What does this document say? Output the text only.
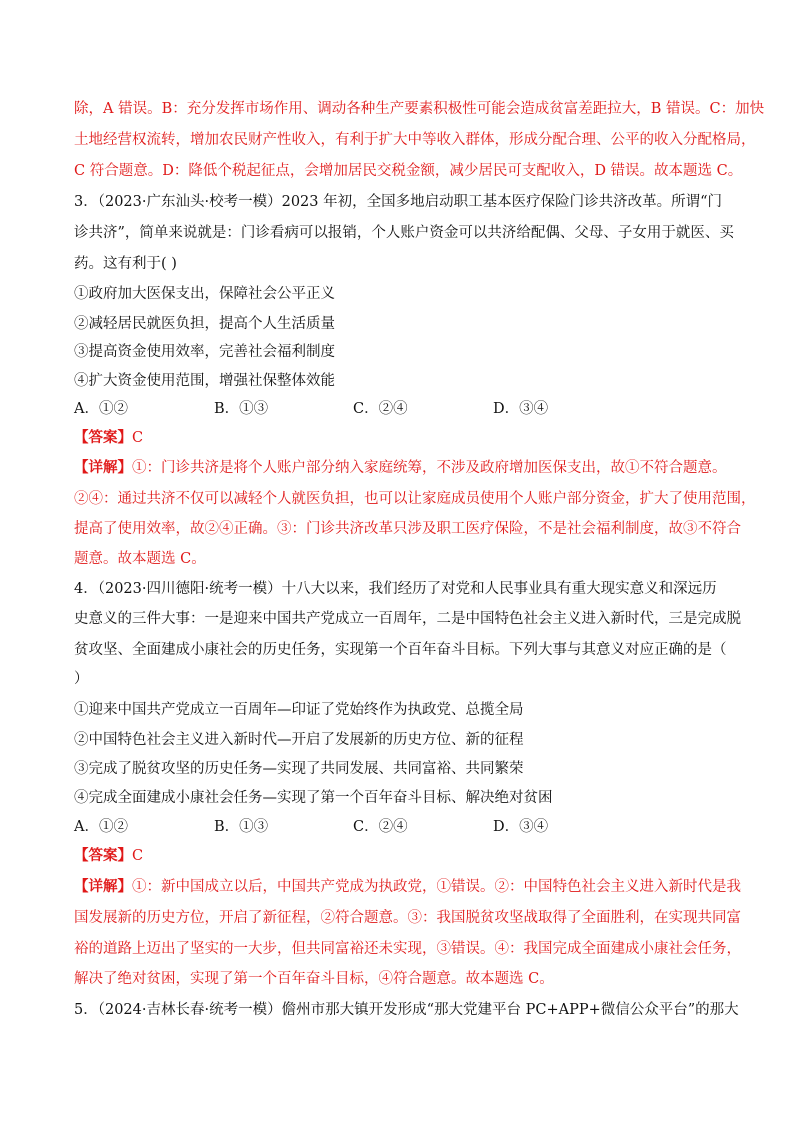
除，A 错误。B：充分发挥市场作用、调动各种生产要素积极性可能会造成贫富差距拉大，B 错误。C：加快
土地经营权流转，增加农民财产性收入，有利于扩大中等收入群体，形成分配合理、公平的收入分配格局，
C 符合题意。D：降低个税起征点，会增加居民交税金额，减少居民可支配收入，D 错误。故本题选 C。
3．（2023·广东汕头·校考一模）2023 年初，全国多地启动职工基本医疗保险门诊共济改革。所谓“门
诊共济”，简单来说就是：门诊看病可以报销，个人账户资金可以共济给配偶、父母、子女用于就医、买
药。这有利于( )
①政府加大医保支出，保障社会公平正义
②减轻居民就医负担，提高个人生活质量
③提高资金使用效率，完善社会福利制度
④扩大资金使用范围，增强社保整体效能
A．①②	B．①③	C．②④	D．③④
【答案】C
【详解】①：门诊共济是将个人账户部分纳入家庭统筹，不涉及政府增加医保支出，故①不符合题意。
②④：通过共济不仅可以减轻个人就医负担，也可以让家庭成员使用个人账户部分资金，扩大了使用范围，
提高了使用效率，故②④正确。③：门诊共济改革只涉及职工医疗保险，不是社会福利制度，故③不符合
题意。故本题选 C。
4．（2023·四川德阳·统考一模）十八大以来，我们经历了对党和人民事业具有重大现实意义和深远历
史意义的三件大事：一是迎来中国共产党成立一百周年，二是中国特色社会主义进入新时代，三是完成脱
贫攻坚、全面建成小康社会的历史任务，实现第一个百年奋斗目标。下列大事与其意义对应正确的是（
）
①迎来中国共产党成立一百周年—印证了党始终作为执政党、总揽全局
②中国特色社会主义进入新时代—开启了发展新的历史方位、新的征程
③完成了脱贫攻坚的历史任务—实现了共同发展、共同富裕、共同繁荣
④完成全面建成小康社会任务—实现了第一个百年奋斗目标、解决绝对贫困
A．①②	B．①③	C．②④	D．③④
【答案】C
【详解】①：新中国成立以后，中国共产党成为执政党，①错误。②：中国特色社会主义进入新时代是我
国发展新的历史方位，开启了新征程，②符合题意。③：我国脱贫攻坚战取得了全面胜利，在实现共同富
裕的道路上迈出了坚实的一大步，但共同富裕还未实现，③错误。④：我国完成全面建成小康社会任务，
解决了绝对贫困，实现了第一个百年奋斗目标，④符合题意。故本题选 C。
5．（2024·吉林长春·统考一模）儋州市那大镇开发形成“那大党建平台 PC+APP+微信公众平台”的那大
